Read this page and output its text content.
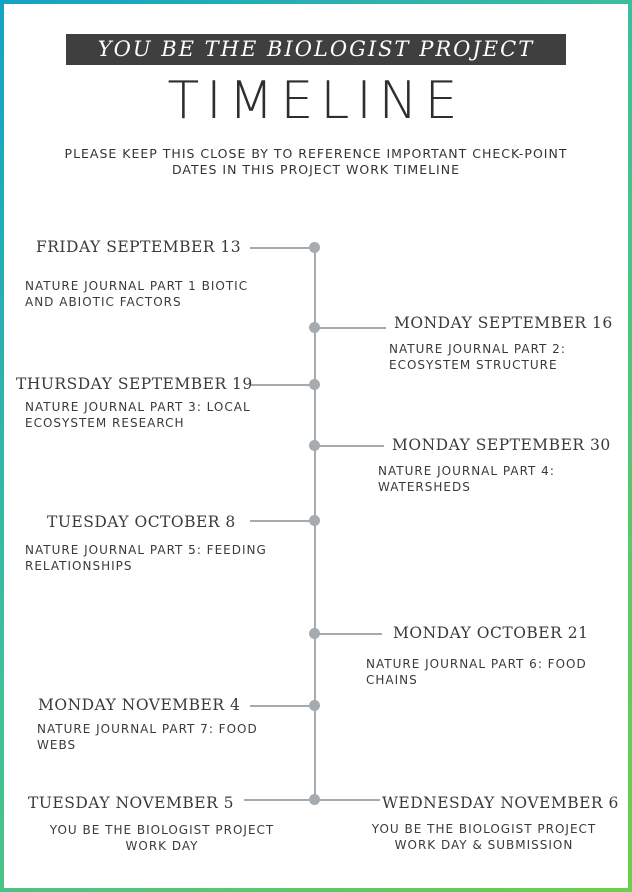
YOU BE THE BIOLOGIST PROJECT
TIMELINE
PLEASE KEEP THIS CLOSE BY TO REFERENCE IMPORTANT CHECK-POINT
DATES IN THIS PROJECT WORK TIMELINE
FRIDAY SEPTEMBER 13
NATURE JOURNAL PART 1 BIOTIC
AND ABIOTIC FACTORS
MONDAY SEPTEMBER 16
NATURE JOURNAL PART 2:
ECOSYSTEM STRUCTURE
THURSDAY SEPTEMBER 19
NATURE JOURNAL PART 3: LOCAL
ECOSYSTEM RESEARCH
MONDAY SEPTEMBER 30
NATURE JOURNAL PART 4:
WATERSHEDS
TUESDAY OCTOBER 8
NATURE JOURNAL PART 5: FEEDING
RELATIONSHIPS
MONDAY OCTOBER 21
NATURE JOURNAL PART 6: FOOD
CHAINS
MONDAY NOVEMBER 4
NATURE JOURNAL PART 7: FOOD
WEBS
TUESDAY NOVEMBER 5
YOU BE THE BIOLOGIST PROJECT
WORK DAY
WEDNESDAY NOVEMBER 6
YOU BE THE BIOLOGIST PROJECT
WORK DAY & SUBMISSION
